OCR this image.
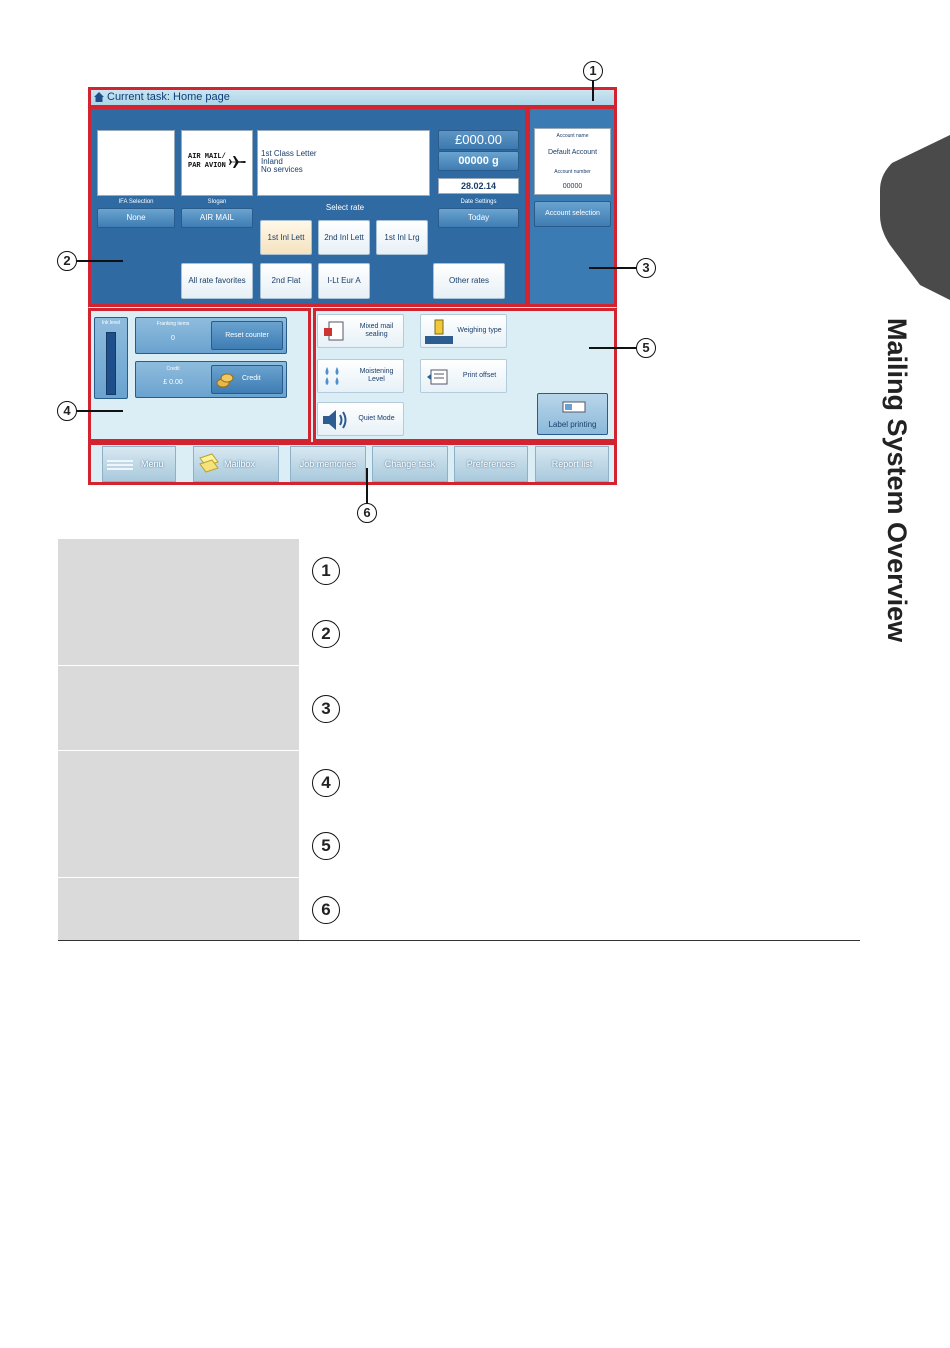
Mailing System Overview
Current task: Home page
AIR MAIL/
PAR AVION
1st Class Letter
Inland
No services
£000.00
00000 g
28.02.14
IFA Selection
None
Slogan
AIR MAIL
Select rate
Date Settings
Today
1st Inl Lett	2nd Inl Lett	1st Inl Lrg
All rate favorites	2nd Flat	I-Lt Eur A	Other rates
Account name
Default Account
Account number
00000
Account selection
Ink level	Franking items
0	Reset counter
Credit
£ 0.00
Credit
Mixed mail sealing
Weighing type
Moistening Level
Print offset
Quiet Mode
Label printing
Menu	Mailbox	Job memories	Change task	Preferences	Report list
1
2	3
4
5
6
1
2
3
4
5
6
